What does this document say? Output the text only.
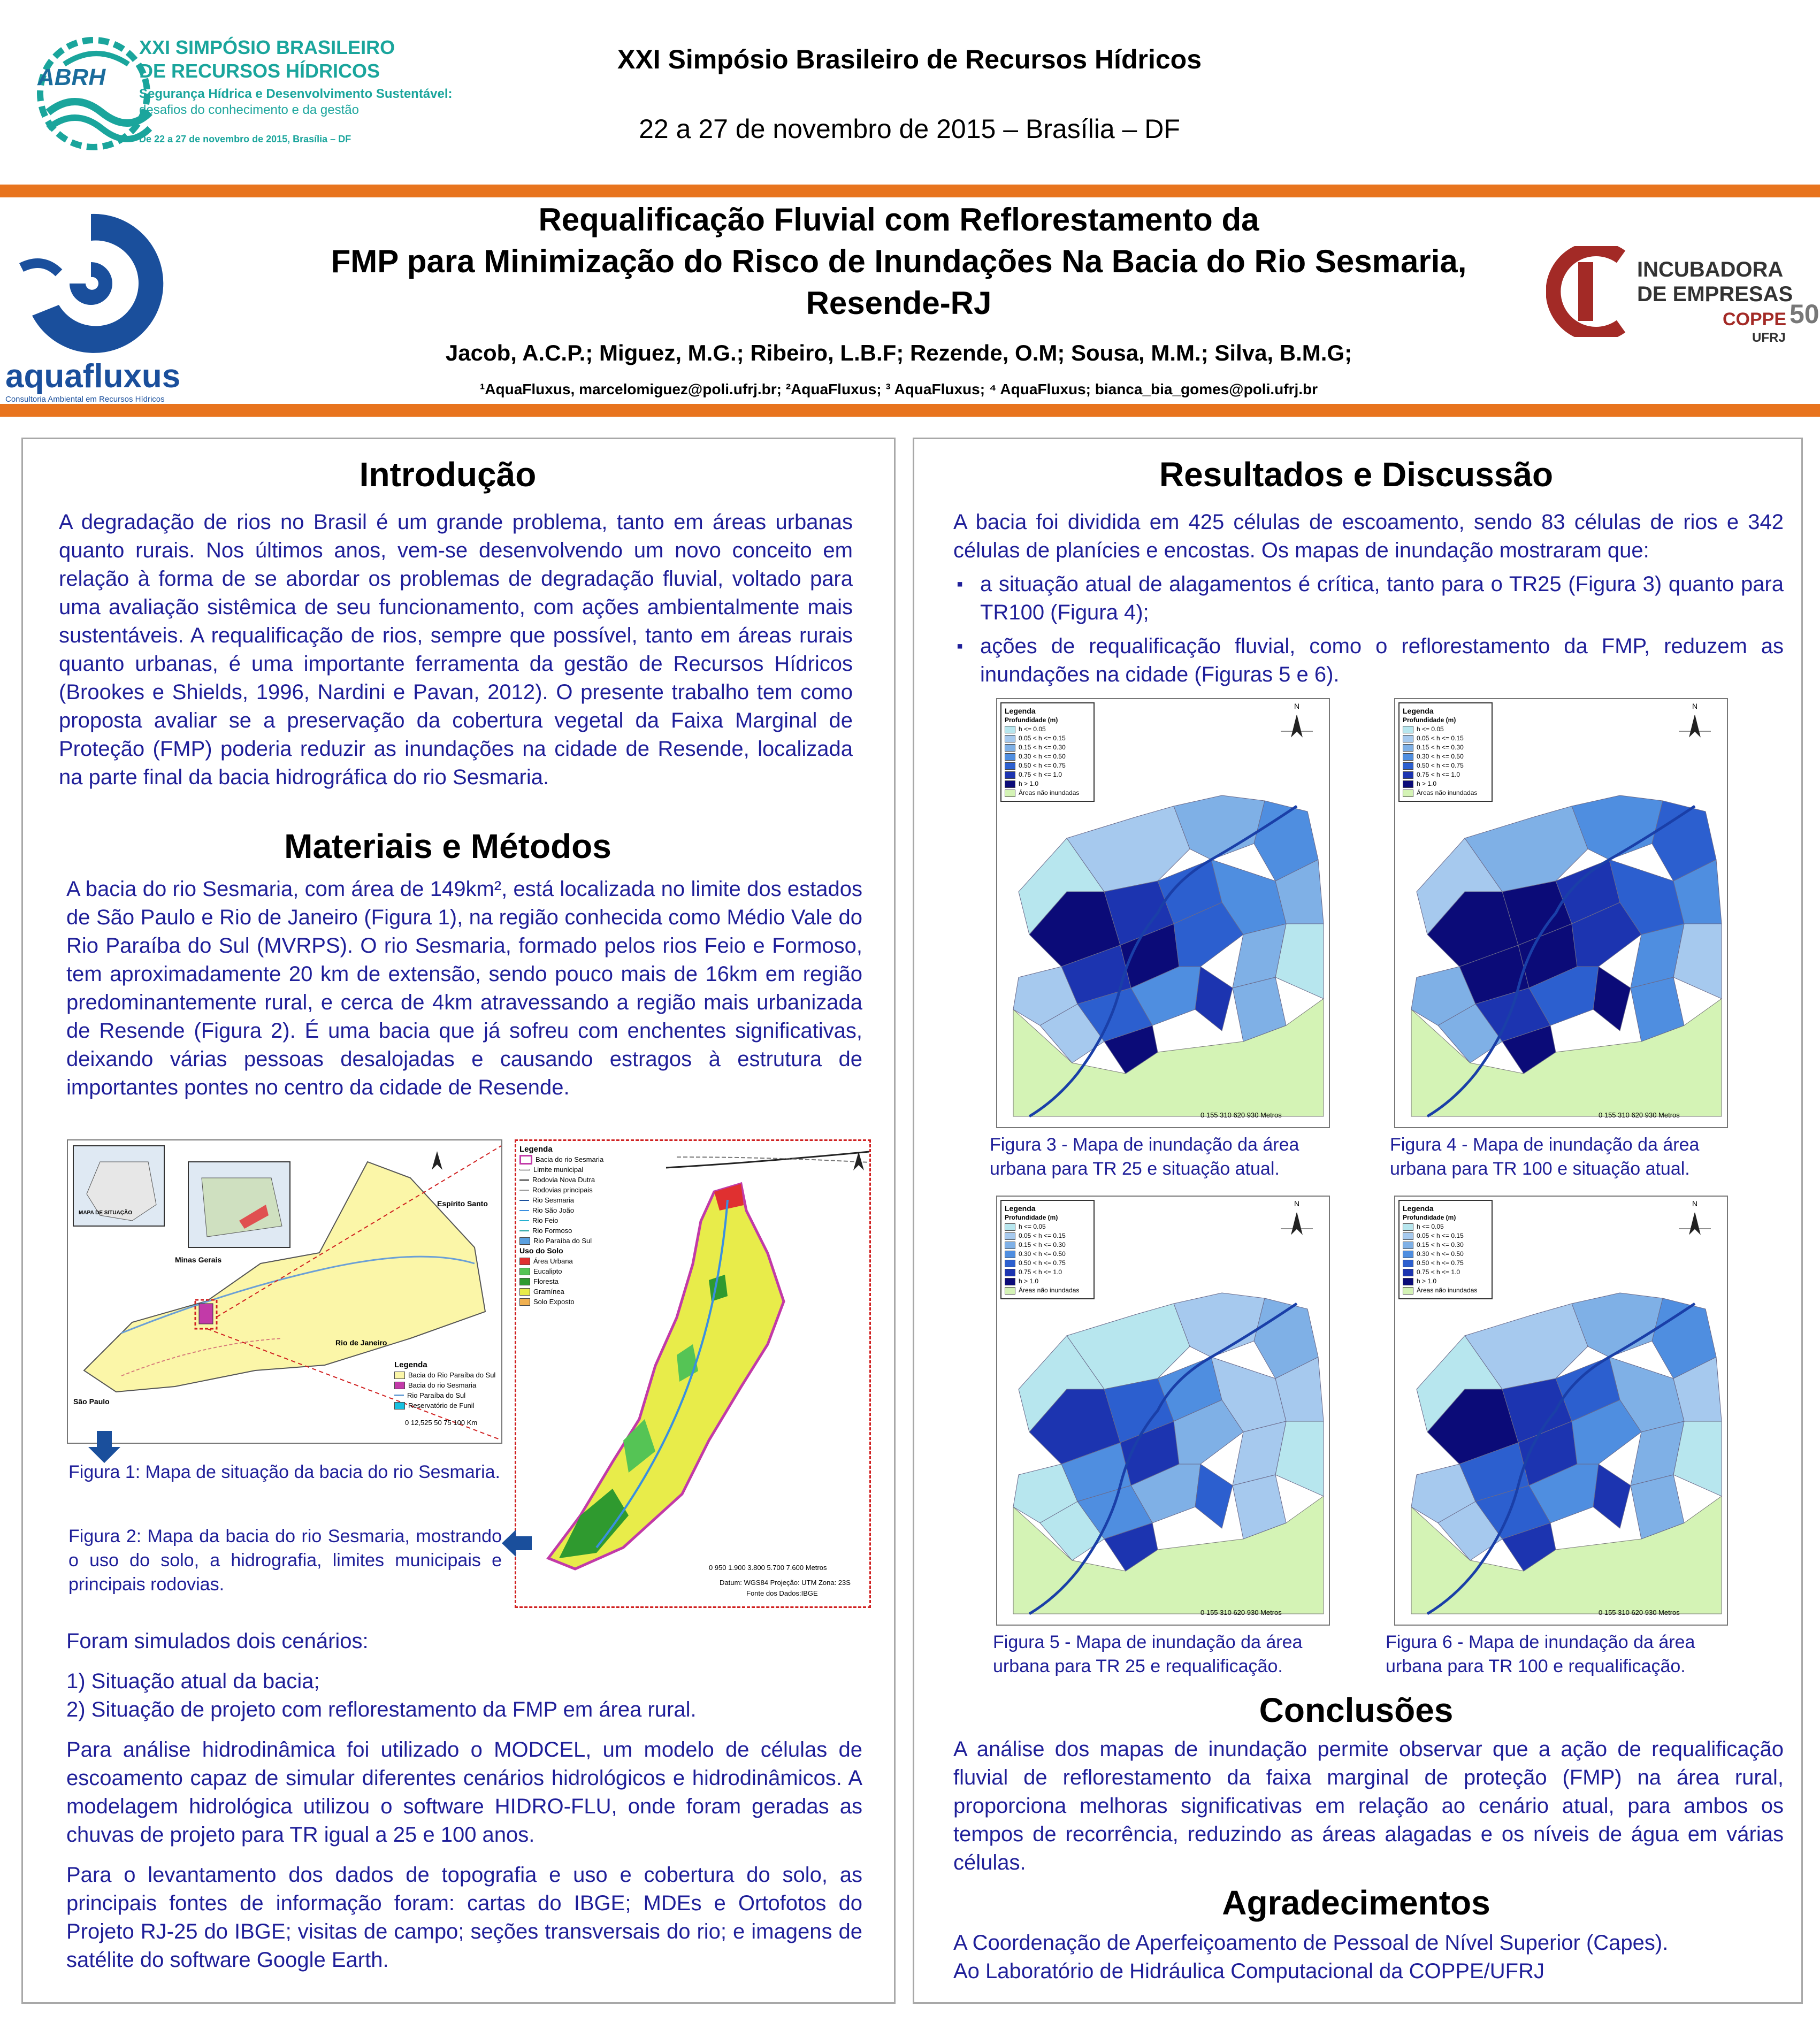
ABRH
XXI SIMPÓSIO BRASILEIRO
DE RECURSOS HÍDRICOS
Segurança Hídrica e Desenvolvimento Sustentável:
desafios do conhecimento e da gestão
De 22 a 27 de novembro de 2015, Brasília – DF
XXI Simpósio Brasileiro de Recursos Hídricos
22 a 27 de novembro de 2015 – Brasília – DF
aquafluxus
Consultoria Ambiental em Recursos Hídricos
Requalificação Fluvial com Reflorestamento da
FMP para Minimização do Risco de Inundações Na Bacia do Rio Sesmaria,
Resende-RJ
Jacob, A.C.P.; Miguez, M.G.; Ribeiro, L.B.F; Rezende, O.M; Sousa, M.M.; Silva, B.M.G;
¹AquaFluxus, marcelomiguez@poli.ufrj.br; ²AquaFluxus; ³ AquaFluxus; ⁴ AquaFluxus; bianca_bia_gomes@poli.ufrj.br
INCUBADORA
DE EMPRESAS
COPPE 50
UFRJ
Introdução

A degradação de rios no Brasil é um grande problema, tanto em áreas urbanas quanto rurais. Nos últimos anos, vem-se desenvolvendo um novo conceito em relação à forma de se abordar os problemas de degradação fluvial, voltado para uma avaliação sistêmica de seu funcionamento, com ações ambientalmente mais sustentáveis. A requalificação de rios, sempre que possível, tanto em áreas rurais quanto urbanas, é uma importante ferramenta da gestão de Recursos Hídricos (Brookes e Shields, 1996, Nardini e Pavan, 2012). O presente trabalho tem como proposta avaliar se a preservação da cobertura vegetal da Faixa Marginal de Proteção (FMP) poderia reduzir as inundações na cidade de Resende, localizada na parte final da bacia hidrográfica do rio Sesmaria.

Materiais e Métodos

A bacia do rio Sesmaria, com área de 149km², está localizada no limite dos estados de São Paulo e Rio de Janeiro (Figura 1), na região conhecida como Médio Vale do Rio Paraíba do Sul (MVRPS). O rio Sesmaria, formado pelos rios Feio e Formoso, tem aproximadamente 20 km de extensão, sendo pouco mais de 16km em região predominantemente rural, e cerca de 4km atravessando a região mais urbanizada de Resende (Figura 2). É uma bacia que já sofreu com enchentes significativas, deixando várias pessoas desalojadas e causando estragos à estrutura de importantes pontes no centro da cidade de Resende.

MAPA DE SITUAÇÃO
Espírito Santo
Minas Gerais
Rio de Janeiro
São Paulo
Legenda
Bacia do Rio Paraíba do Sul
Bacia do rio Sesmaria
Rio Paraíba do Sul
Reservatório de Funil
0 12,525 50 75 100 Km
Legenda
Bacia do rio Sesmaria
Limite municipal
Rodovia Nova Dutra
Rodovias principais
Rio Sesmaria
Rio São João
Rio Feio
Rio Formoso
Rio Paraíba do Sul
Uso do Solo
Área Urbana
Eucalipto
Floresta
Gramínea
Solo Exposto
0 950 1.900 3.800 5.700 7.600 Metros
Datum: WGS84 Projeção: UTM Zona: 23S
Fonte dos Dados:IBGE
Figura 1: Mapa de situação da bacia do rio Sesmaria.
Figura 2: Mapa da bacia do rio Sesmaria, mostrando o uso do solo, a hidrografia, limites municipais e principais rodovias.

Foram simulados dois cenários:

1) Situação atual da bacia;

2) Situação de projeto com reflorestamento da FMP em área rural.

Para análise hidrodinâmica foi utilizado o MODCEL, um modelo de células de escoamento capaz de simular diferentes cenários hidrológicos e hidrodinâmicos. A modelagem hidrológica utilizou o software HIDRO-FLU, onde foram geradas as chuvas de projeto para TR igual a 25 e 100 anos.

Para o levantamento dos dados de topografia e uso e cobertura do solo, as principais fontes de informação foram: cartas do IBGE; MDEs e Ortofotos do Projeto RJ-25 do IBGE; visitas de campo; seções transversais do rio; e imagens de satélite do software Google Earth.

Resultados e Discussão

A bacia foi dividida em 425 células de escoamento, sendo 83 células de rios e 342 células de planícies e encostas. Os mapas de inundação mostraram que:

▪ a situação atual de alagamentos é crítica, tanto para o TR25 (Figura 3) quanto para TR100 (Figura 4);
▪ ações de requalificação fluvial, como o reflorestamento da FMP, reduzem as inundações na cidade (Figuras 5 e 6).
N
Legenda
Profundidade (m)
h <= 0.05
0.05 < h <= 0.15
0.15 < h <= 0.30
0.30 < h <= 0.50
0.50 < h <= 0.75
0.75 < h <= 1.0
h > 1.0
Áreas não inundadas
0 155 310 620 930 Metros
N
Legenda
Profundidade (m)
h <= 0.05
0.05 < h <= 0.15
0.15 < h <= 0.30
0.30 < h <= 0.50
0.50 < h <= 0.75
0.75 < h <= 1.0
h > 1.0
Áreas não inundadas
0 155 310 620 930 Metros
N
Legenda
Profundidade (m)
h <= 0.05
0.05 < h <= 0.15
0.15 < h <= 0.30
0.30 < h <= 0.50
0.50 < h <= 0.75
0.75 < h <= 1.0
h > 1.0
Áreas não inundadas
0 155 310 620 930 Metros
N
Legenda
Profundidade (m)
h <= 0.05
0.05 < h <= 0.15
0.15 < h <= 0.30
0.30 < h <= 0.50
0.50 < h <= 0.75
0.75 < h <= 1.0
h > 1.0
Áreas não inundadas
0 155 310 620 930 Metros
Figura 3 - Mapa de inundação da área urbana para TR 25 e situação atual.
Figura 4 - Mapa de inundação da área urbana para TR 100 e situação atual.
Figura 5 - Mapa de inundação da área urbana para TR 25 e requalificação.
Figura 6 - Mapa de inundação da área urbana para TR 100 e requalificação.
Conclusões

A análise dos mapas de inundação permite observar que a ação de requalificação fluvial de reflorestamento da faixa marginal de proteção (FMP) na área rural, proporciona melhoras significativas em relação ao cenário atual, para ambos os tempos de recorrência, reduzindo as áreas alagadas e os níveis de água em várias células.

Agradecimentos

A Coordenação de Aperfeiçoamento de Pessoal de Nível Superior (Capes).

Ao Laboratório de Hidráulica Computacional da COPPE/UFRJ
